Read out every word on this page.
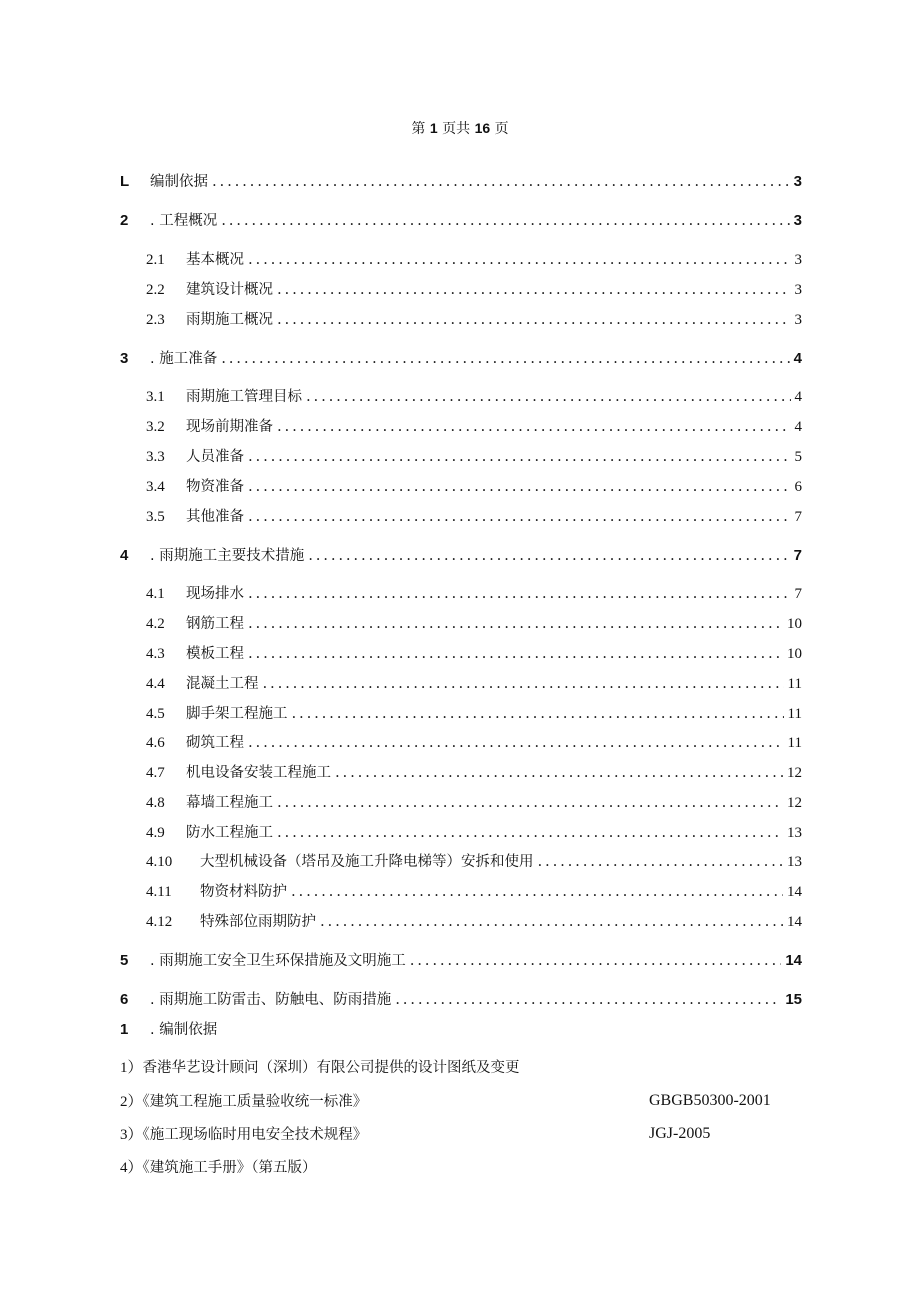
第 1 页共 16 页
L	编制依据 . . .	3
2	. 工程概况 . . .	3
2.1	基本概况 . . .	3
2.2	建筑设计概况 . . .	3
2.3	雨期施工概况 . . .	3
3	. 施工准备 . . .	4
3.1	雨期施工管理目标 . . .	4
3.2	现场前期准备 . . .	4
3.3	人员准备 . . .	5
3.4	物资准备 . . .	6
3.5	其他准备 . . .	7
4	. 雨期施工主要技术措施 . . .	7
4.1	现场排水 . . .	7
4.2	钢筋工程 . . .	10
4.3	模板工程 . . .	10
4.4	混凝土工程 . . .	11
4.5	脚手架工程施工 . . .	11
4.6	砌筑工程 . . .	11
4.7	机电设备安装工程施工 . . .	12
4.8	幕墙工程施工 . . .	12
4.9	防水工程施工 . . .	13
4.10	大型机械设备（塔吊及施工升降电梯等）安拆和使用 . . .	13
4.11	物资材料防护 . . .	14
4.12	特殊部位雨期防护 . . .	14
5	. 雨期施工安全卫生环保措施及文明施工 . . .	14
6	. 雨期施工防雷击、防触电、防雨措施 . . .	15
1 . 编制依据
1）香港华艺设计顾问（深圳）有限公司提供的设计图纸及变更
2）《建筑工程施工质量验收统一标准》	GBGB50300-2001
3）《施工现场临时用电安全技术规程》	JGJ-2005
4）《建筑施工手册》（第五版）
